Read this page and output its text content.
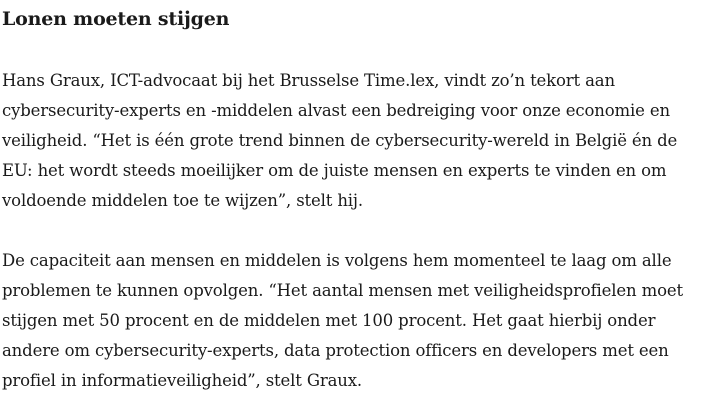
Lonen moeten stijgen

Hans Graux, ICT-advocaat bij het Brusselse Time.lex, vindt zo’n tekort aan cybersecurity-experts en -middelen alvast een bedreiging voor onze economie en veiligheid. “Het is één grote trend binnen de cybersecurity-wereld in België én de EU: het wordt steeds moeilijker om de juiste mensen en experts te vinden en om voldoende middelen toe te wijzen”, stelt hij.

De capaciteit aan mensen en middelen is volgens hem momenteel te laag om alle problemen te kunnen opvolgen. “Het aantal mensen met veiligheidsprofielen moet stijgen met 50 procent en de middelen met 100 procent. Het gaat hierbij onder andere om cybersecurity-experts, data protection officers en developers met een profiel in informatieveiligheid”, stelt Graux.
